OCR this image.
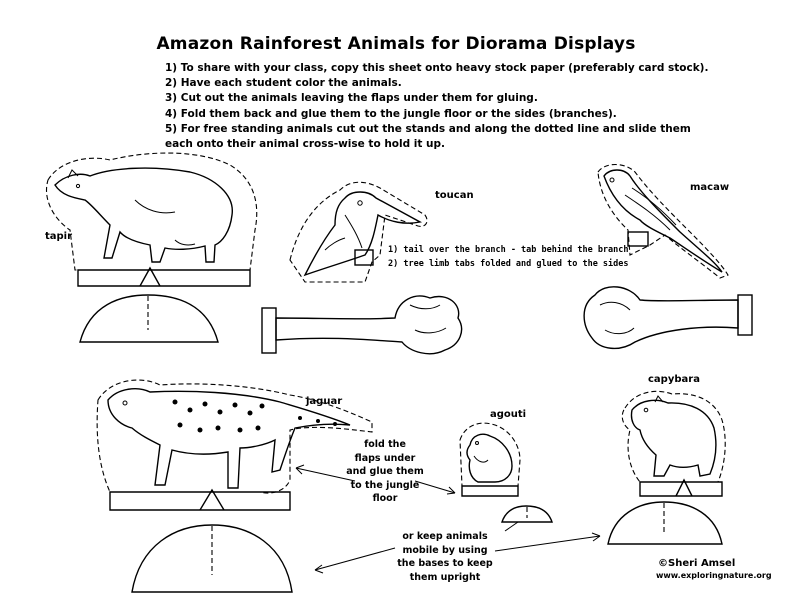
Amazon Rainforest Animals for Diorama Displays
1) To share with your class, copy this sheet onto heavy stock paper (preferably card stock).
2) Have each student color the animals.
3) Cut out the animals leaving the flaps under them for gluing.
4) Fold them back and glue them to the jungle floor or the sides (branches).
5) For free standing animals cut out the stands and along the dotted line and slide them
each onto their animal cross-wise to hold it up.
tapir
toucan
macaw
jaguar
agouti
capybara
1) tail over the branch - tab behind the branch
2) tree limb tabs folded and glued to the sides
fold the
flaps under
and glue them
to the jungle
floor
or keep animals
mobile by using
the bases to keep
them upright
©Sheri Amsel
www.exploringnature.org
